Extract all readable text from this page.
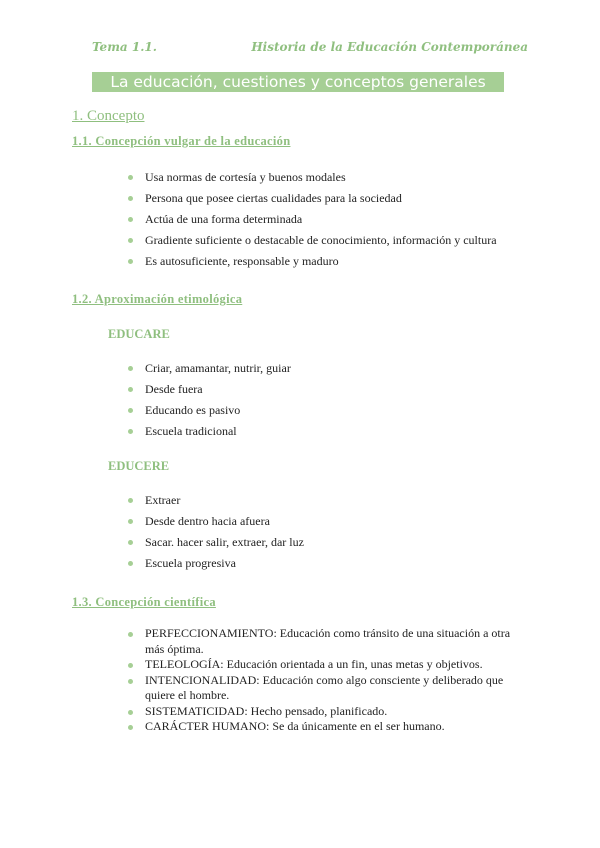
Tema 1.1.	Historia de la Educación Contemporánea
La educación, cuestiones y conceptos generales
1. Concepto
1.1. Concepción vulgar de la educación
Usa normas de cortesía y buenos modales
Persona que posee ciertas cualidades para la sociedad
Actúa de una forma determinada
Gradiente suficiente o destacable de conocimiento, información y cultura
Es autosuficiente, responsable y maduro
1.2. Aproximación etimológica
EDUCARE
Criar, amamantar, nutrir, guiar
Desde fuera
Educando es pasivo
Escuela tradicional
EDUCERE
Extraer
Desde dentro hacia afuera
Sacar. hacer salir, extraer, dar luz
Escuela progresiva
1.3. Concepción científica
PERFECCIONAMIENTO: Educación como tránsito de una situación a otra más óptima.
TELEOLOGÍA: Educación orientada a un fin, unas metas y objetivos.
INTENCIONALIDAD: Educación como algo consciente y deliberado que quiere el hombre.
SISTEMATICIDAD: Hecho pensado, planificado.
CARÁCTER HUMANO: Se da únicamente en el ser humano.
